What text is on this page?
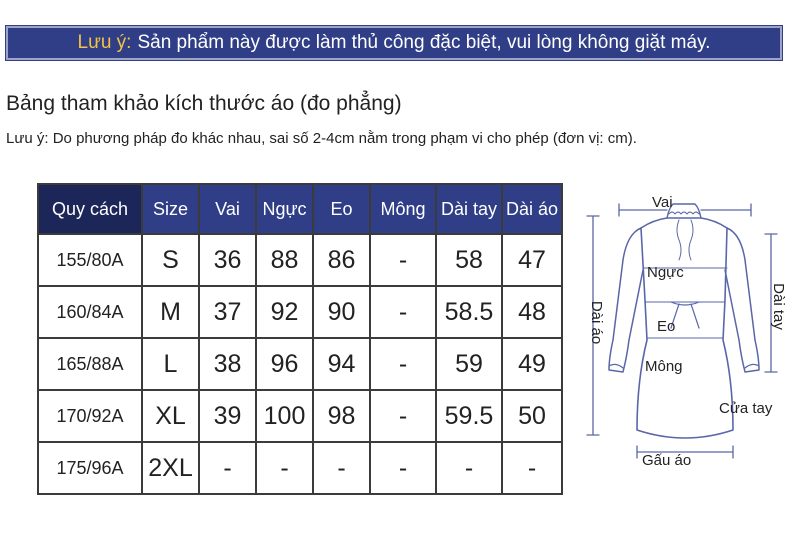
Lưu ý: Sản phẩm này được làm thủ công đặc biệt, vui lòng không giặt máy.
Bảng tham khảo kích thước áo (đo phẳng)
Lưu ý: Do phương pháp đo khác nhau, sai số 2-4cm nằm trong phạm vi cho phép (đơn vị: cm).
Quy cách	Size	Vai	Ngực	Eo	Mông	Dài tay	Dài áo
155/80A	S	36	88	86	-	58	47
160/84A	M	37	92	90	-	58.5	48
165/88A	L	38	96	94	-	59	49
170/92A	XL	39	100	98	-	59.5	50
175/96A	2XL	-	-	-	-	-	-
Vai
Ngực
Eo
Mông
Cửa tay
Gấu áo
Dài áo	Dài tay
